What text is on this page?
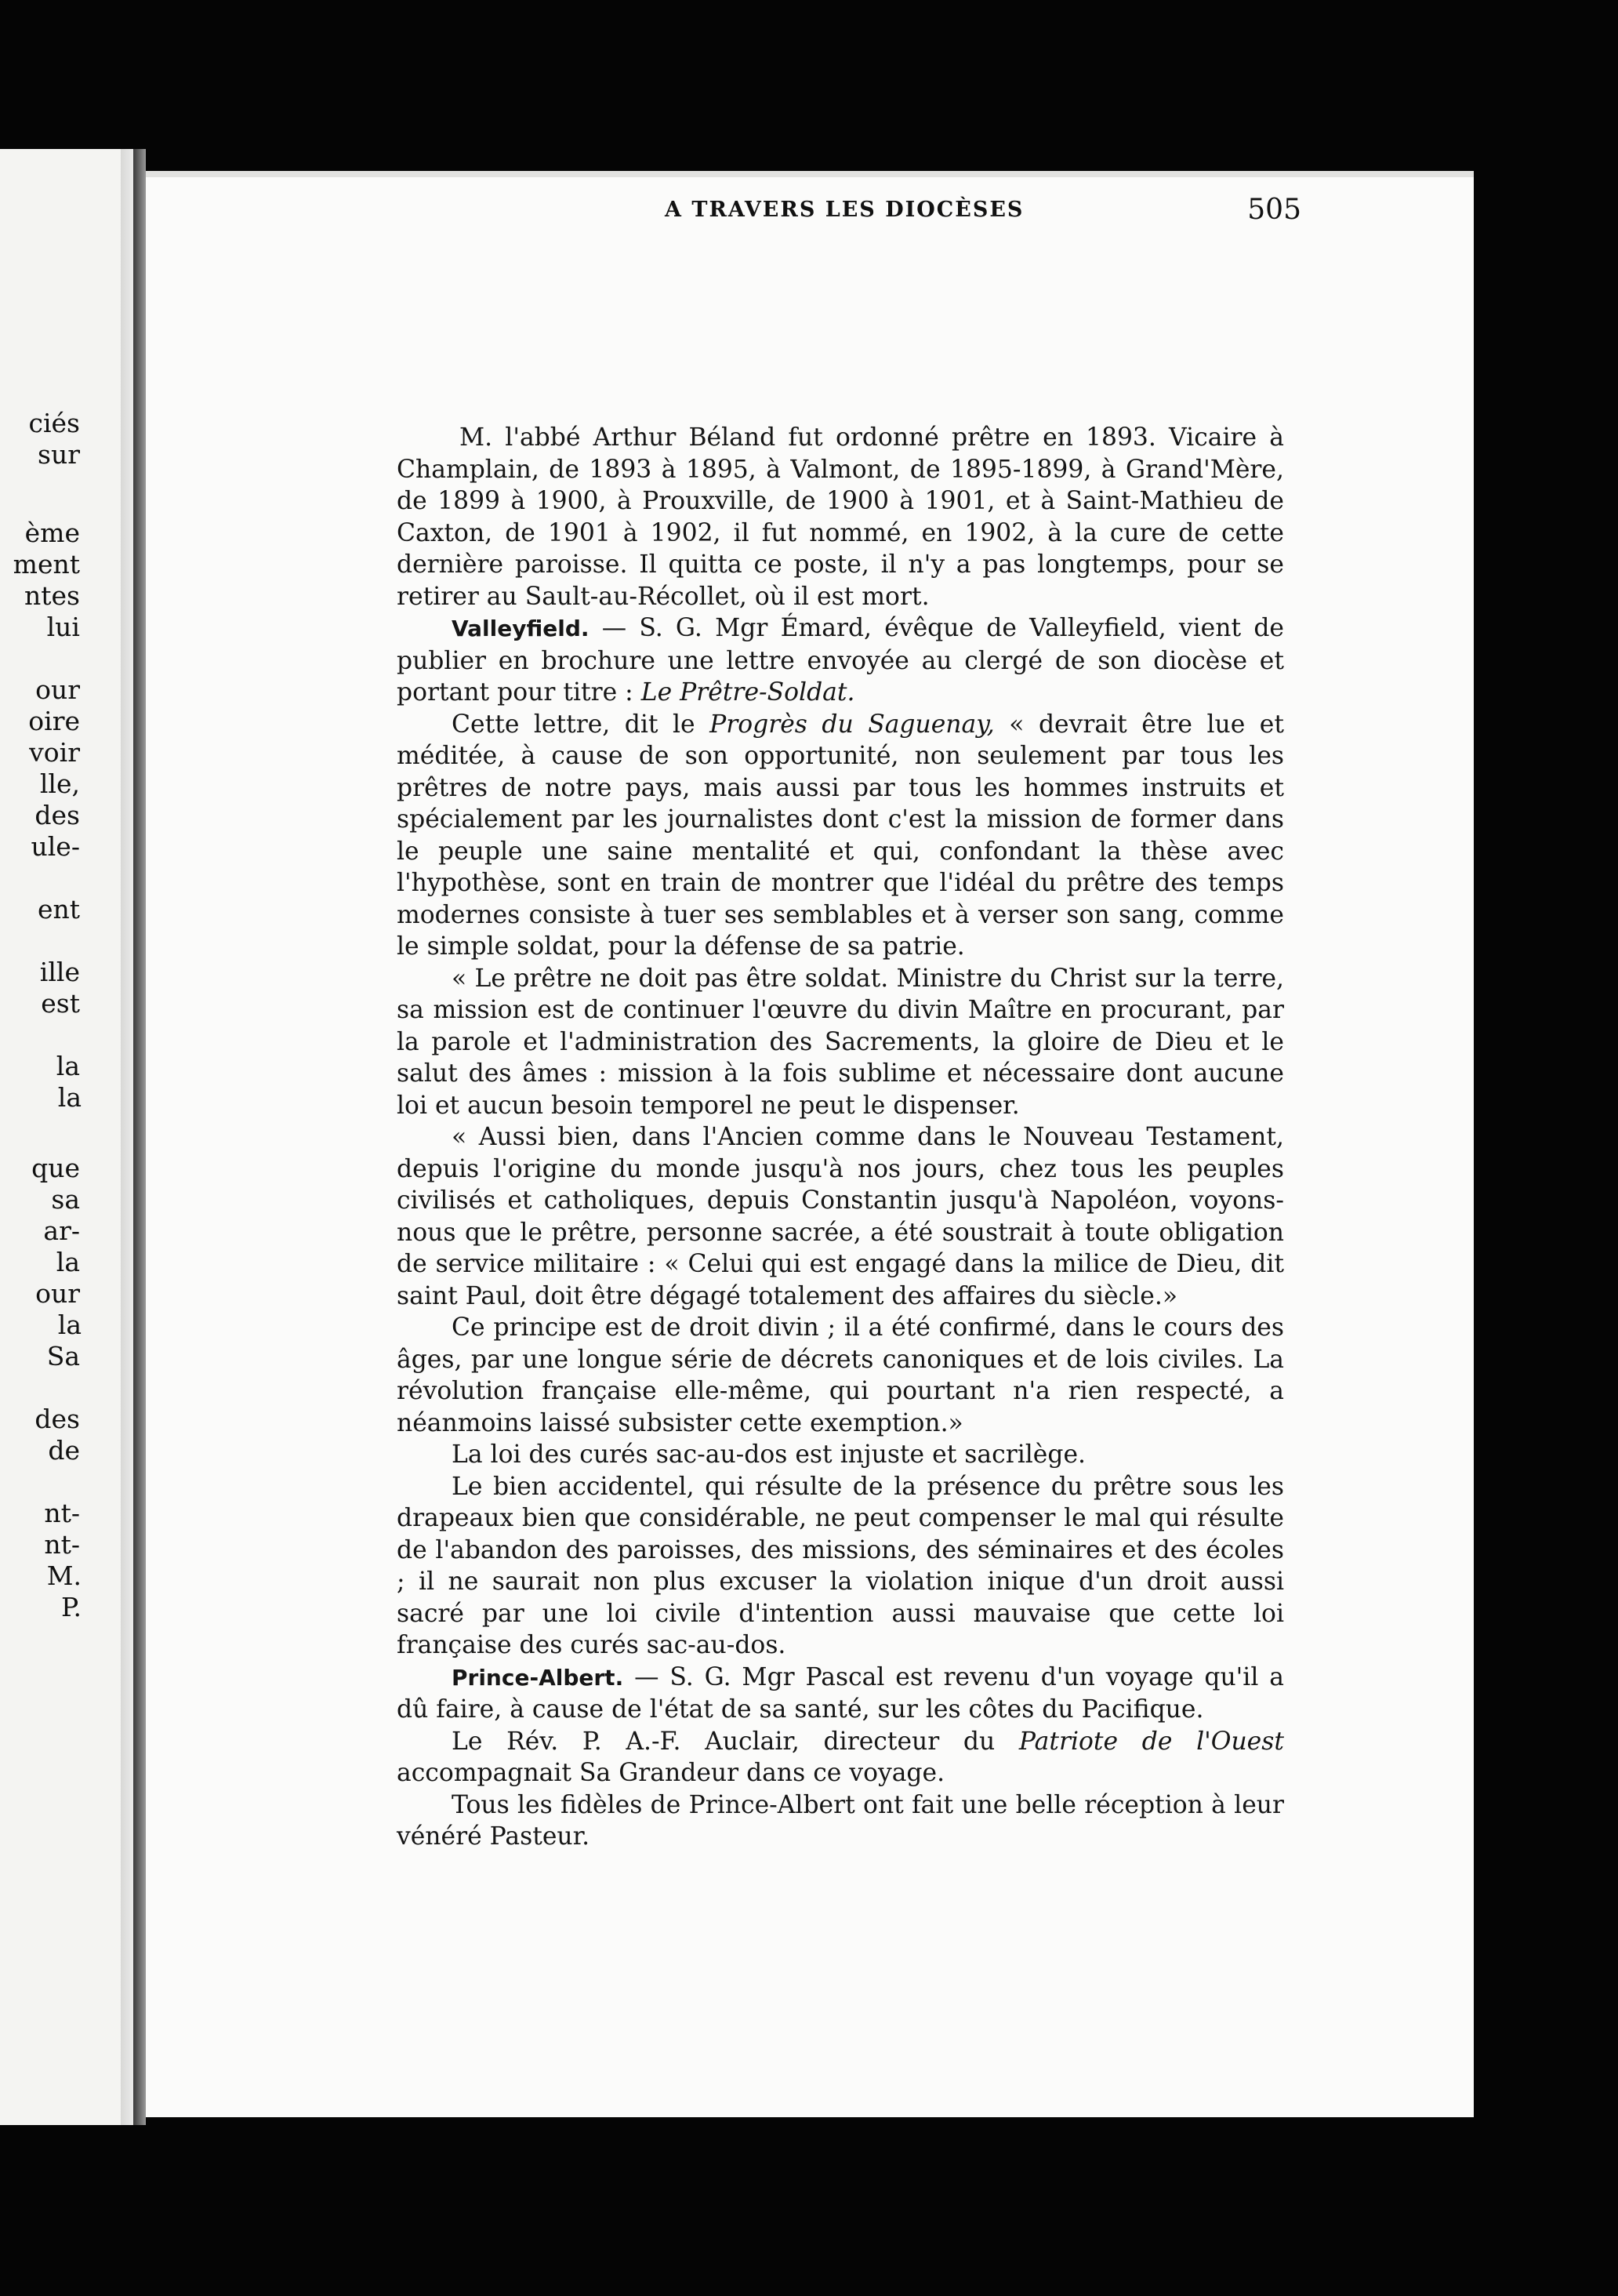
ciés
sur
ème
ment
ntes
lui
our
oire
voir
lle,
des
ule-
ent
ille
est
la
la
que
sa
ar-
la
our
la
Sa
des
de
nt-
nt-
M.
P.
A TRAVERS LES DIOCÈSES	505

M. l'abbé Arthur Béland fut ordonné prêtre en 1893. Vicaire à Champlain, de 1893 à 1895, à Valmont, de 1895-1899, à Grand'Mère, de 1899 à 1900, à Prouxville, de 1900 à 1901, et à Saint-Mathieu de Caxton, de 1901 à 1902, il fut nommé, en 1902, à la cure de cette dernière paroisse. Il quitta ce poste, il n'y a pas longtemps, pour se retirer au Sault-au-Récollet, où il est mort.

Valleyfield. — S. G. Mgr Émard, évêque de Valleyfield, vient de publier en brochure une lettre envoyée au clergé de son diocèse et portant pour titre : Le Prêtre-Soldat.

Cette lettre, dit le Progrès du Saguenay, « devrait être lue et méditée, à cause de son opportunité, non seulement par tous les prêtres de notre pays, mais aussi par tous les hommes instruits et spécialement par les journalistes dont c'est la mission de former dans le peuple une saine mentalité et qui, confondant la thèse avec l'hypothèse, sont en train de montrer que l'idéal du prêtre des temps modernes consiste à tuer ses semblables et à verser son sang, comme le simple soldat, pour la défense de sa patrie.

« Le prêtre ne doit pas être soldat. Ministre du Christ sur la terre, sa mission est de continuer l'œuvre du divin Maître en procurant, par la parole et l'administration des Sacrements, la gloire de Dieu et le salut des âmes : mission à la fois sublime et nécessaire dont aucune loi et aucun besoin temporel ne peut le dispenser.

« Aussi bien, dans l'Ancien comme dans le Nouveau Testament, depuis l'origine du monde jusqu'à nos jours, chez tous les peuples civilisés et catholiques, depuis Constantin jusqu'à Napoléon, voyons-nous que le prêtre, personne sacrée, a été soustrait à toute obligation de service militaire : « Celui qui est engagé dans la milice de Dieu, dit saint Paul, doit être dégagé totalement des affaires du siècle.»

Ce principe est de droit divin ; il a été confirmé, dans le cours des âges, par une longue série de décrets canoniques et de lois civiles. La révolution française elle-même, qui pourtant n'a rien respecté, a néanmoins laissé subsister cette exemption.»

La loi des curés sac-au-dos est injuste et sacrilège.

Le bien accidentel, qui résulte de la présence du prêtre sous les drapeaux bien que considérable, ne peut compenser le mal qui résulte de l'abandon des paroisses, des missions, des séminaires et des écoles ; il ne saurait non plus excuser la violation inique d'un droit aussi sacré par une loi civile d'intention aussi mauvaise que cette loi française des curés sac-au-dos.

Prince-Albert. — S. G. Mgr Pascal est revenu d'un voyage qu'il a dû faire, à cause de l'état de sa santé, sur les côtes du Pacifique.

Le Rév. P. A.-F. Auclair, directeur du Patriote de l'Ouest accompagnait Sa Grandeur dans ce voyage.

Tous les fidèles de Prince-Albert ont fait une belle réception à leur vénéré Pasteur.
